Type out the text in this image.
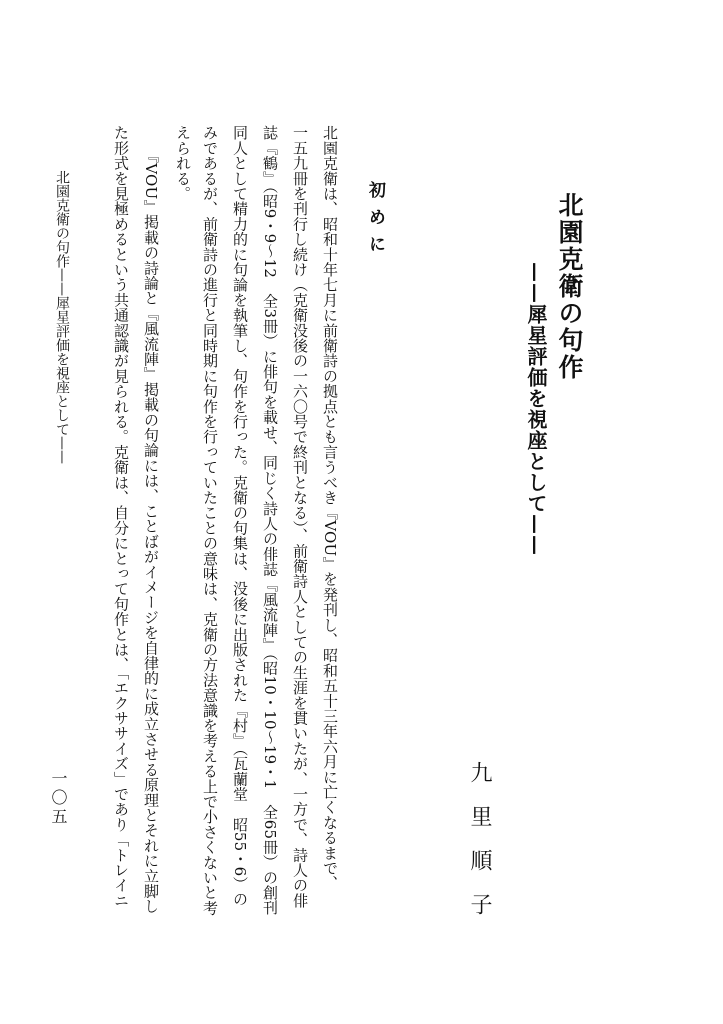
北園克衛の句作
——犀星評価を視座として——
九里順子
初めに
北園克衛は、昭和十年七月に前衛詩の拠点とも言うべき『VOU』を発刊し、昭和五十三年六月に亡くなるまで、
一五九冊を刊行し続け（克衛没後の一六〇号で終刊となる）、前衛詩人としての生涯を貫いたが、一方で、詩人の俳
誌『鶴』（昭9・9〜12　全3冊）に俳句を載せ、同じく詩人の俳誌『風流陣』（昭10・10〜19・1　全65冊）の創刊
同人として精力的に句論を執筆し、句作を行った。克衛の句集は、没後に出版された『村』（瓦蘭堂　昭55・6）の
みであるが、前衛詩の進行と同時期に句作を行っていたことの意味は、克衛の方法意識を考える上で小さくないと考
えられる。
『VOU』掲載の詩論と『風流陣』掲載の句論には、ことばがイメージを自律的に成立させる原理とそれに立脚し
た形式を見極めるという共通認識が見られる。克衛は、自分にとって句作とは、「エクササイズ」であり「トレイニ
北園克衛の句作——犀星評価を視座として——
一〇五
